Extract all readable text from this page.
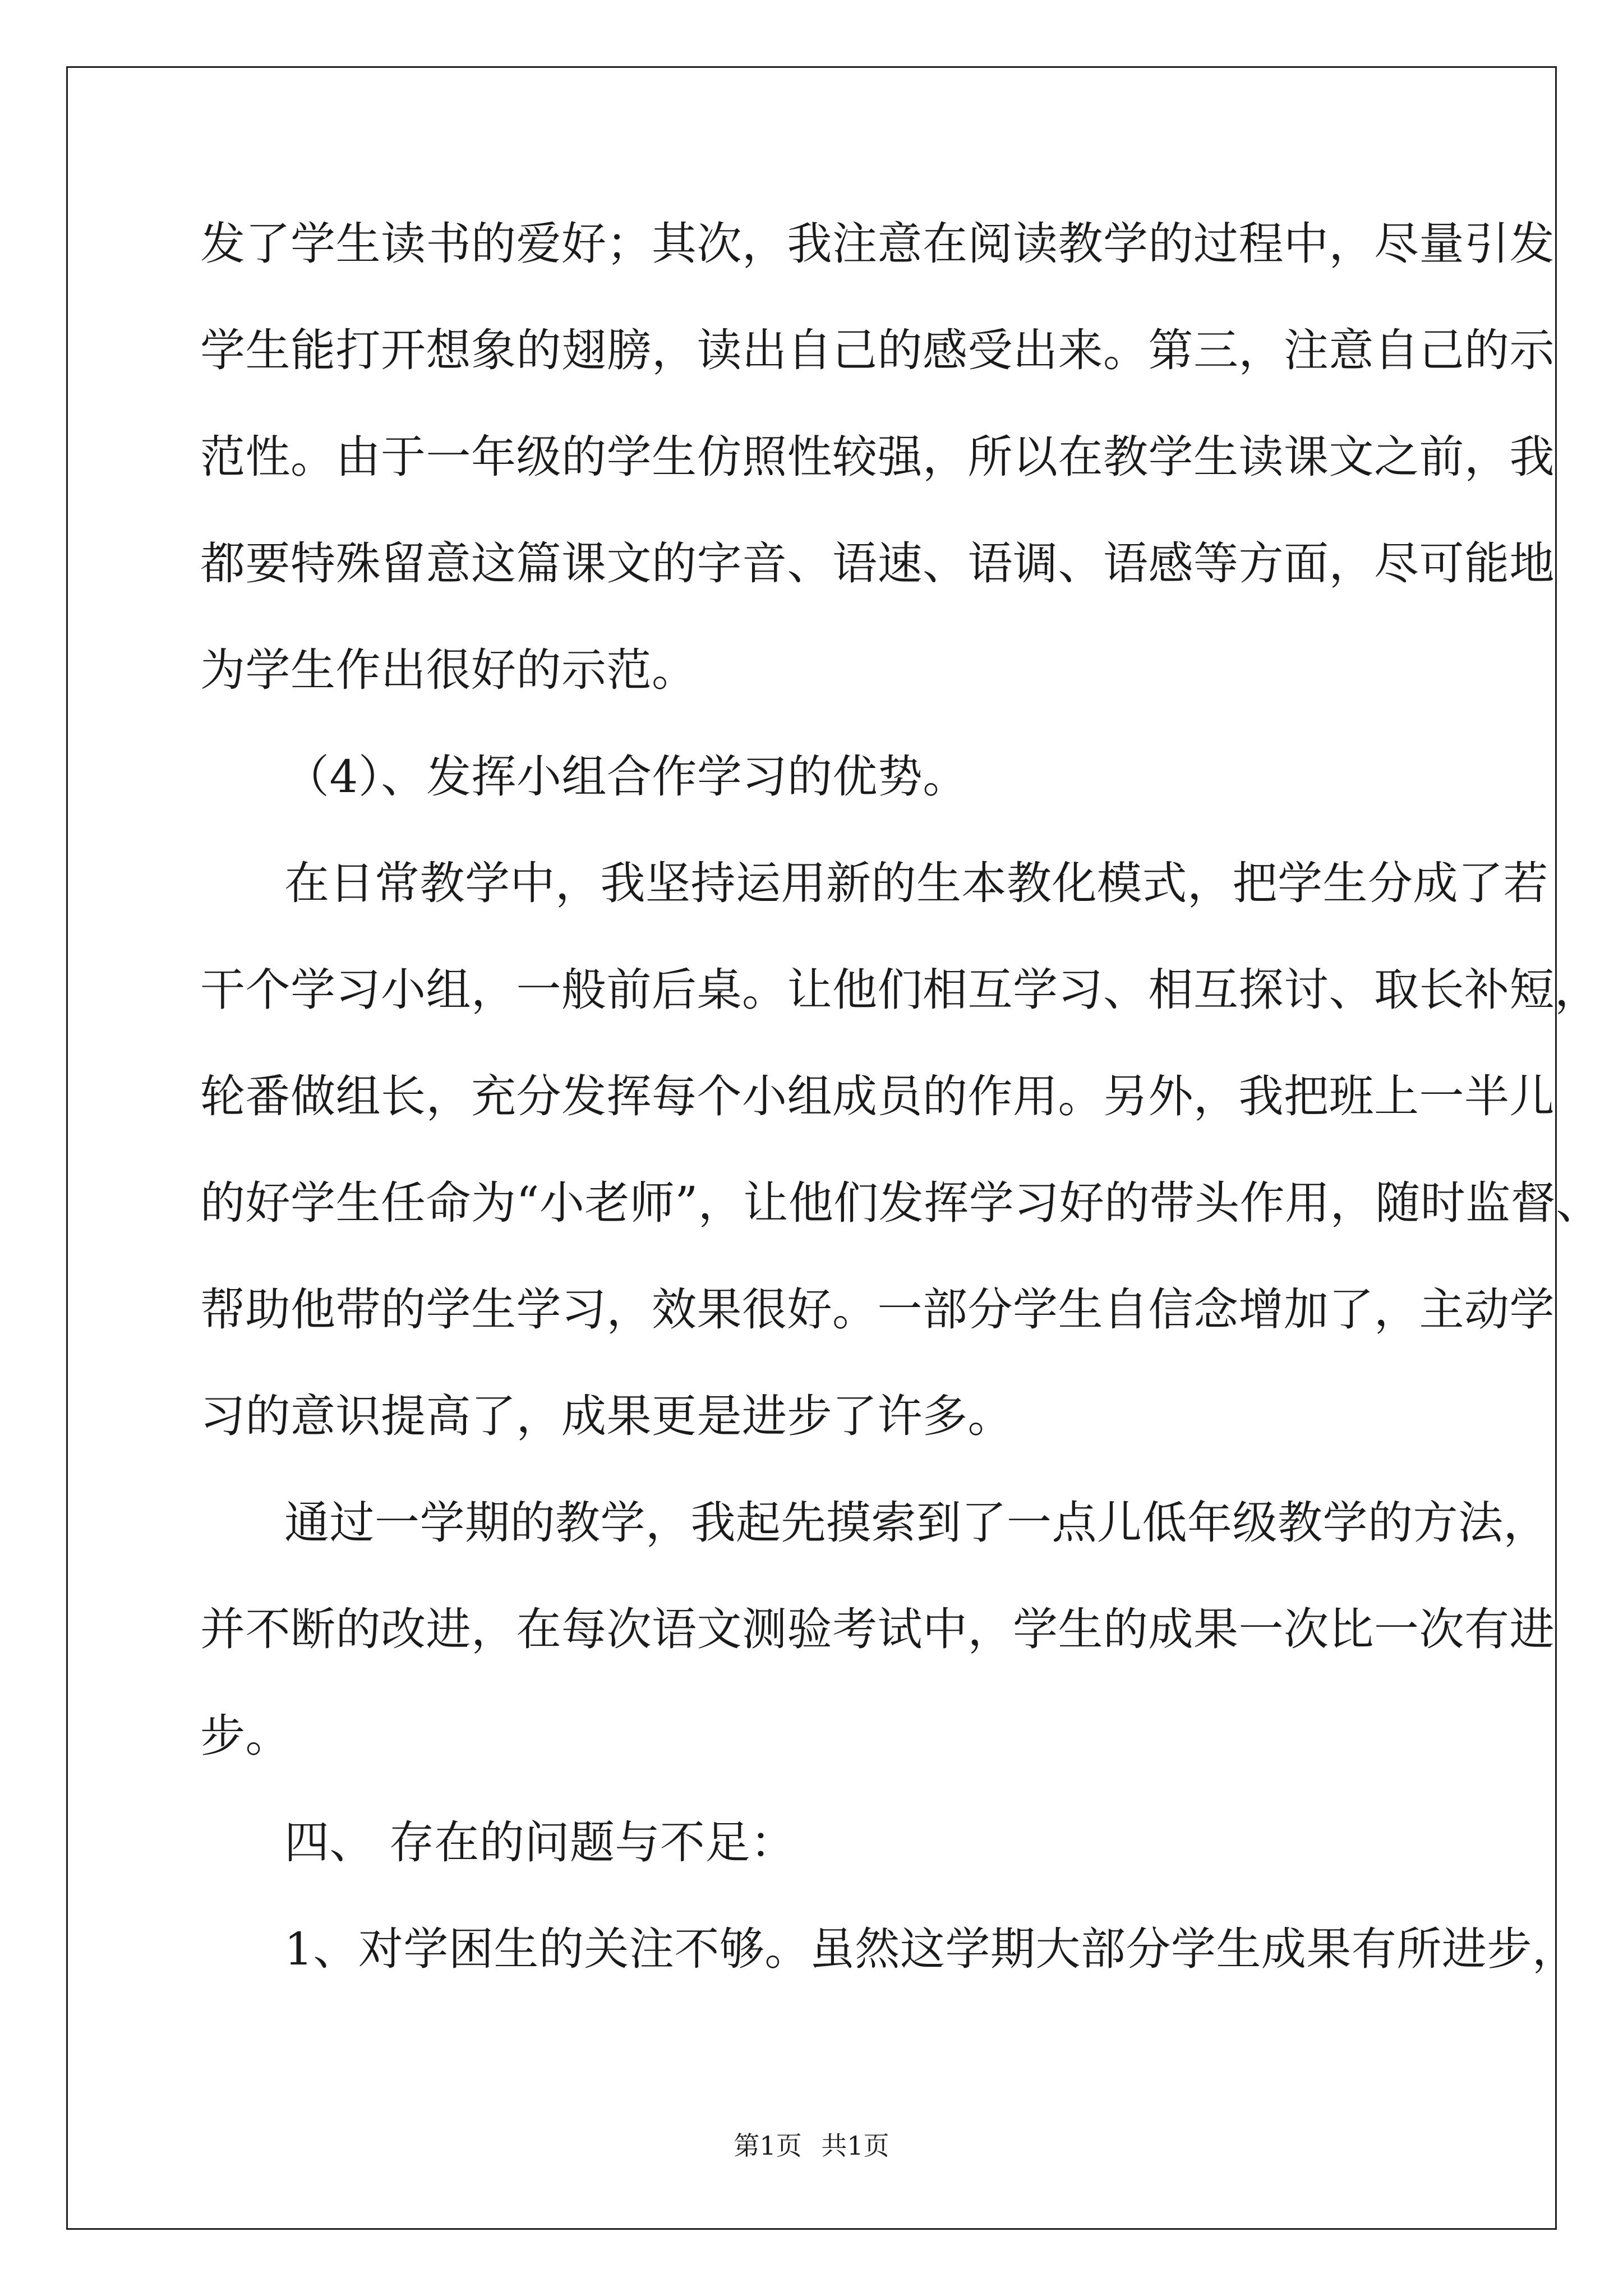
发了学生读书的爱好；其次，我注意在阅读教学的过程中，尽量引发
学生能打开想象的翅膀，读出自己的感受出来。第三，注意自己的示
范性。由于一年级的学生仿照性较强，所以在教学生读课文之前，我
都要特殊留意这篇课文的字音、语速、语调、语感等方面，尽可能地
为学生作出很好的示范。
（4）、发挥小组合作学习的优势。
在日常教学中，我坚持运用新的生本教化模式，把学生分成了若
干个学习小组，一般前后桌。让他们相互学习、相互探讨、取长补短，
轮番做组长，充分发挥每个小组成员的作用。另外，我把班上一半儿
的好学生任命为“小老师”，让他们发挥学习好的带头作用，随时监督、
帮助他带的学生学习，效果很好。一部分学生自信念增加了，主动学
习的意识提高了，成果更是进步了许多。
通过一学期的教学，我起先摸索到了一点儿低年级教学的方法，
并不断的改进，在每次语文测验考试中，学生的成果一次比一次有进
步。
四、 存在的问题与不足：
1、对学困生的关注不够。虽然这学期大部分学生成果有所进步，
第1页 共1页
